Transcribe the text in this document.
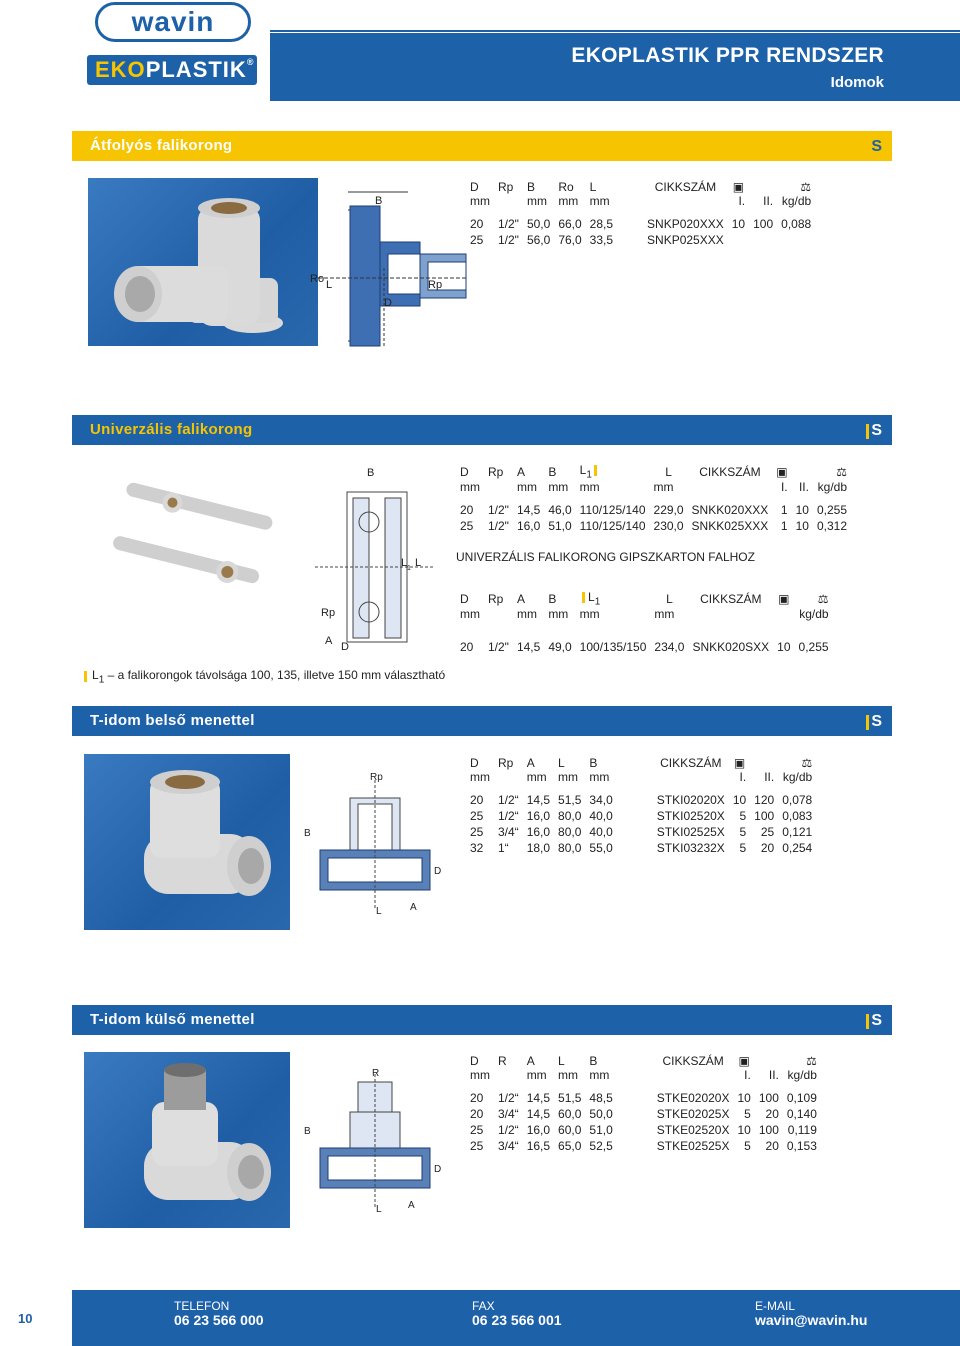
wavin
EKOPLASTIK®	EKOPLASTIK PPR RENDSZER
Idomok
Átfolyós falikorong	S
B
Ro L
D
Rp
D	Rp	B	Ro	L	CIKKSZÁM	▣		⚖
mm		mm	mm	mm		I.	II.	kg/db

20	1/2"	50,0	66,0	28,5	SNKP020XXX	10	100	0,088
25	1/2"	56,0	76,0	33,5	SNKP025XXX			
Univerzális falikorong	S
B
L 1 L
Rp
A D
D	Rp	A	B	$L_1$	L	CIKKSZÁM	▣		⚖
mm		mm	mm	mm	mm		I.	II.	kg/db

20	1/2"	14,5	46,0	110/125/140	229,0	SNKK020XXX	1	10	0,255
25	1/2"	16,0	51,0	110/125/140	230,0	SNKK025XXX	1	10	0,312
UNIVERZÁLIS FALIKORONG GIPSZKARTON FALHOZ
D	Rp	A	B	$L_1$	L	CIKKSZÁM	▣	⚖
mm		mm	mm	mm	mm			kg/db

20	1/2"	14,5	49,0	100/135/150	234,0	SNKK020SXX	10	0,255
$L_1$ – a falikorongok távolsága 100, 135, illetve 150 mm választható
T-idom belső menettel	S
Rp
B
D
L	A
D	Rp	A	L	B	CIKKSZÁM	▣		⚖
mm		mm	mm	mm		I.	II.	kg/db

20	1/2“	14,5	51,5	34,0	STKI02020X	10	120	0,078
25	1/2“	16,0	80,0	40,0	STKI02520X	5	100	0,083
25	3/4“	16,0	80,0	40,0	STKI02525X	5	25	0,121
32	1“	18,0	80,0	55,0	STKI03232X	5	20	0,254
T-idom külső menettel	S
R
B
D
L	A
D	R	A	L	B	CIKKSZÁM	▣		⚖
mm		mm	mm	mm		I.	II.	kg/db

20	1/2“	14,5	51,5	48,5	STKE02020X	10	100	0,109
20	3/4“	14,5	60,0	50,0	STKE02025X	5	20	0,140
25	1/2“	16,0	60,0	51,0	STKE02520X	10	100	0,119
25	3/4“	16,5	65,0	52,5	STKE02525X	5	20	0,153
10
TELEFON
06 23 566 000
FAX
06 23 566 001
E-MAIL
wavin@wavin.hu
